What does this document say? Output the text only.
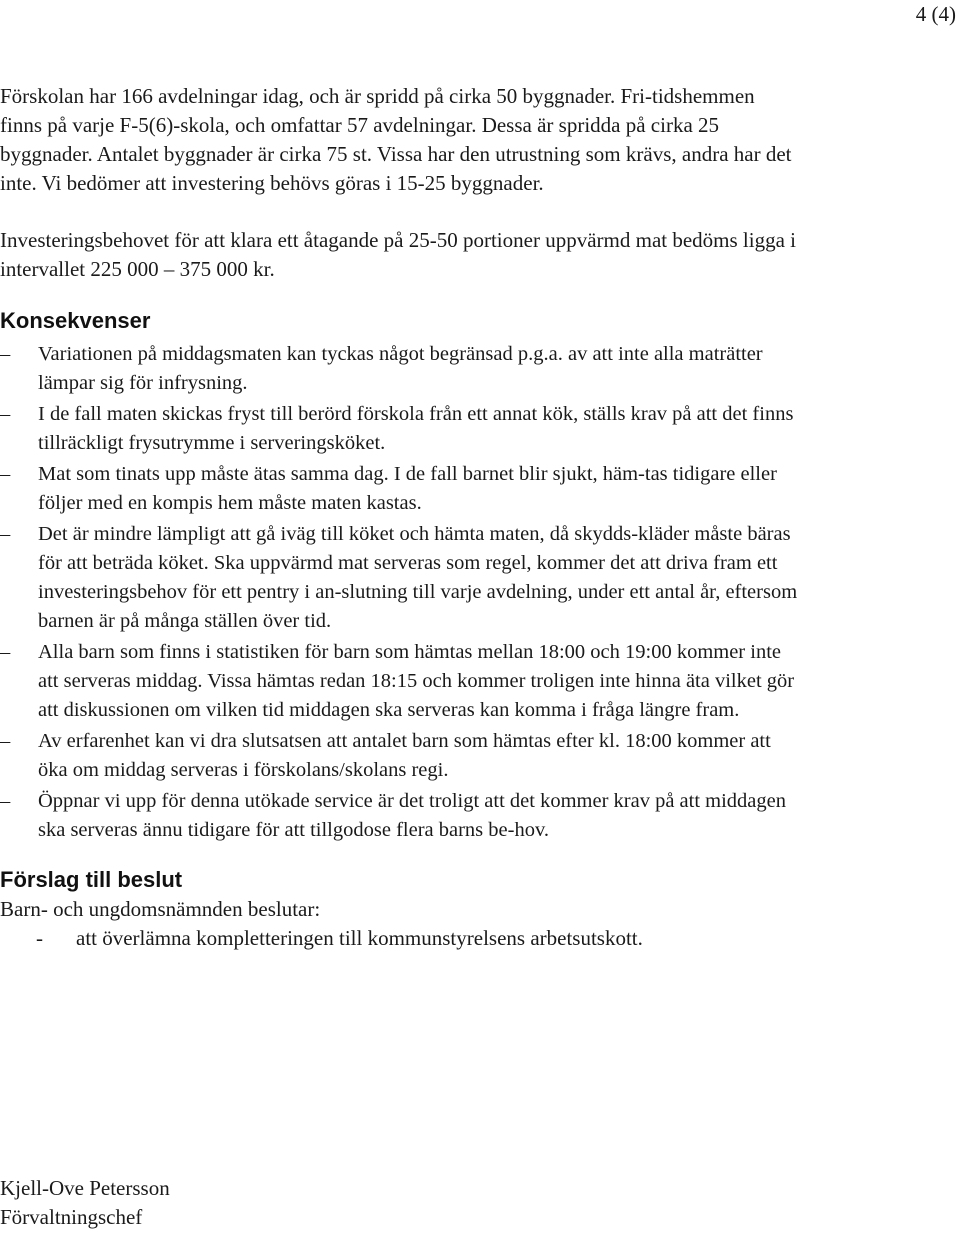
4 (4)

Förskolan har 166 avdelningar idag, och är spridd på cirka 50 byggnader. Fri-tidshemmen finns på varje F-5(6)-skola, och omfattar 57 avdelningar. Dessa är spridda på cirka 25 byggnader. Antalet byggnader är cirka 75 st. Vissa har den utrustning som krävs, andra har det inte. Vi bedömer att investering behövs göras i 15-25 byggnader.

Investeringsbehovet för att klara ett åtagande på 25-50 portioner uppvärmd mat bedöms ligga i intervallet 225 000 – 375 000 kr.

Konsekvenser
–	Variationen på middagsmaten kan tyckas något begränsad p.g.a. av att inte alla maträtter lämpar sig för infrysning.
–	I de fall maten skickas fryst till berörd förskola från ett annat kök, ställs krav på att det finns tillräckligt frysutrymme i serveringsköket.
–	Mat som tinats upp måste ätas samma dag. I de fall barnet blir sjukt, häm-tas tidigare eller följer med en kompis hem måste maten kastas.
–	Det är mindre lämpligt att gå iväg till köket och hämta maten, då skydds-kläder måste bäras för att beträda köket. Ska uppvärmd mat serveras som regel, kommer det att driva fram ett investeringsbehov för ett pentry i an-slutning till varje avdelning, under ett antal år, eftersom barnen är på många ställen över tid.
–	Alla barn som finns i statistiken för barn som hämtas mellan 18:00 och 19:00 kommer inte att serveras middag. Vissa hämtas redan 18:15 och kommer troligen inte hinna äta vilket gör att diskussionen om vilken tid middagen ska serveras kan komma i fråga längre fram.
–	Av erfarenhet kan vi dra slutsatsen att antalet barn som hämtas efter kl. 18:00 kommer att öka om middag serveras i förskolans/skolans regi.
–	Öppnar vi upp för denna utökade service är det troligt att det kommer krav på att middagen ska serveras ännu tidigare för att tillgodose flera barns be-hov.
Förslag till beslut

Barn- och ungdomsnämnden beslutar:

- att överlämna kompletteringen till kommunstyrelsens arbetsutskott.
Kjell-Ove Petersson
Förvaltningschef
